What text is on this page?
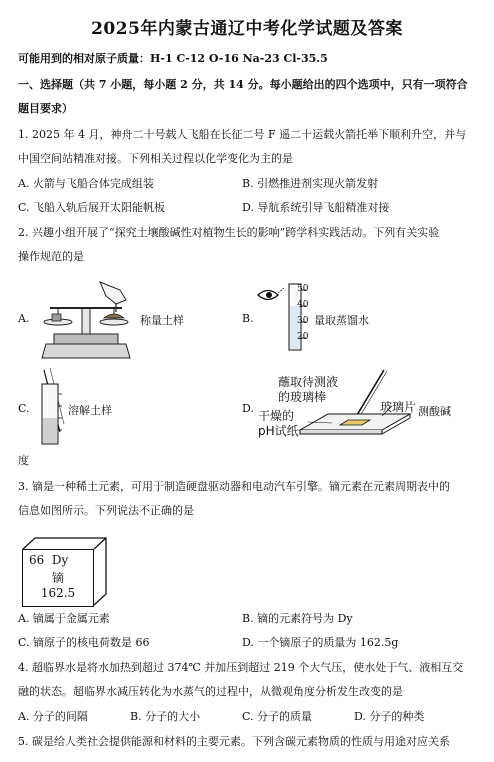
2025年内蒙古通辽中考化学试题及答案
可能用到的相对原子质量：H-1 C-12 O-16 Na-23 Cl-35.5
一、选择题（共 7 小题，每小题 2 分，共 14 分。每小题给出的四个选项中，只有一项符合
题目要求）
1. 2025 年 4 月，神舟二十号载人飞船在长征二号 F 遥二十运载火箭托举下顺利升空，并与
中国空间站精准对接。下列相关过程以化学变化为主的是
A. 火箭与飞船合体完成组装	B. 引燃推进剂实现火箭发射
C. 飞船入轨后展开太阳能帆板	D. 导航系统引导飞船精准对接
2. 兴趣小组开展了“探究土壤酸碱性对植物生长的影响”跨学科实践活动。下列有关实验
操作规范的是
A.	称量土样	B.
50
40
30
20
量取蒸馏水
C.	溶解土样	D.
蘸取待测液
的玻璃棒
玻璃片 测酸碱
干燥的
pH试纸
度
3. 镝是一种稀土元素，可用于制造硬盘驱动器和电动汽车引擎。镝元素在元素周期表中的
信息如图所示。下列说法不正确的是
66 Dy
镝
162.5
A. 镝属于金属元素	B. 镝的元素符号为 Dy
C. 镝原子的核电荷数是 66	D. 一个镝原子的质量为 162.5g
4. 超临界水是将水加热到超过 374℃ 并加压到超过 219 个大气压，使水处于气、液相互交
融的状态。超临界水减压转化为水蒸气的过程中，从微观角度分析发生改变的是
A. 分子的间隔	B. 分子的大小	C. 分子的质量	D. 分子的种类
5. 碳是给人类社会提供能源和材料的主要元素。下列含碳元素物质的性质与用途对应关系
